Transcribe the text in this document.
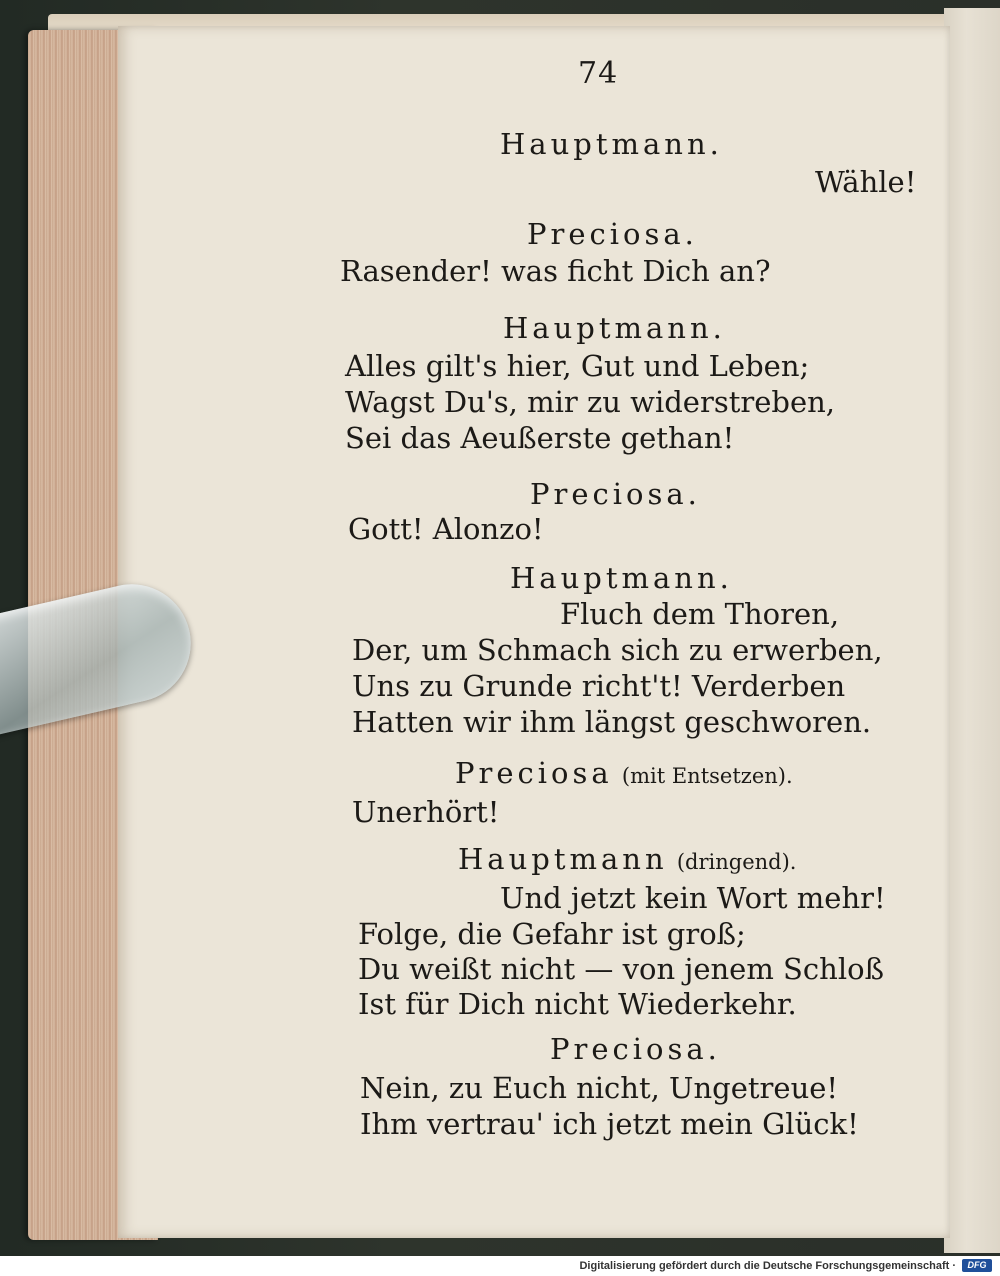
74
Hauptmann.
Wähle!
Preciosa.
Rasender! was ficht Dich an?
Hauptmann.
Alles gilt's hier, Gut und Leben;
Wagst Du's, mir zu widerstreben,
Sei das Aeußerste gethan!
Preciosa.
Gott! Alonzo!
Hauptmann.
Fluch dem Thoren,
Der, um Schmach sich zu erwerben,
Uns zu Grunde richt't! Verderben
Hatten wir ihm längst geschworen.
Preciosa (mit Entsetzen).
Unerhört!
Hauptmann (dringend).
Und jetzt kein Wort mehr!
Folge, die Gefahr ist groß;
Du weißt nicht — von jenem Schloß
Ist für Dich nicht Wiederkehr.
Preciosa.
Nein, zu Euch nicht, Ungetreue!
Ihm vertrau' ich jetzt mein Glück!
Digitalisierung gefördert durch die Deutsche Forschungsgemeinschaft ·	DFG
